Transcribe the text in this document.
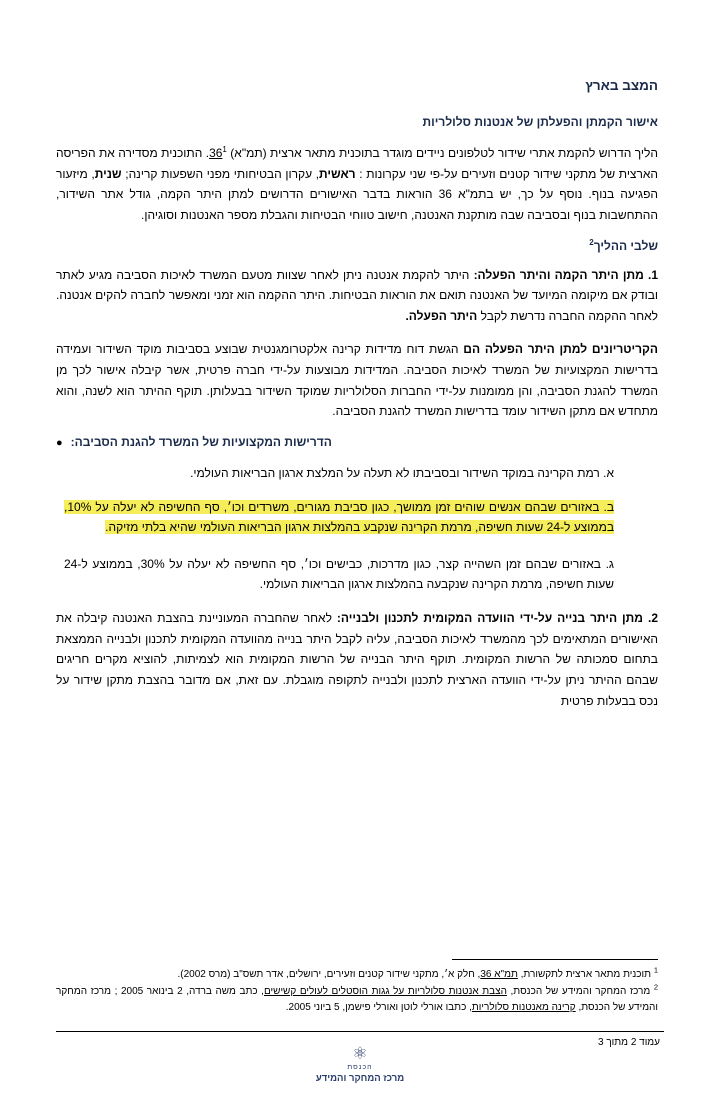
המצב בארץ
אישור הקמתן והפעלתן של אנטנות סלולריות

הליך הדרוש להקמת אתרי שידור לטלפונים ניידים מוגדר בתוכנית מתאר ארצית (תמ"א) $36^1$. התוכנית מסדירה את הפריסה הארצית של מתקני שידור קטנים וזעירים על-פי שני עקרונות : ראשית, עקרון הבטיחותי מפני השפעות קרינה; שנית, מיזעור הפגיעה בנוף. נוסף על כך, יש בתמ"א 36 הוראות בדבר האישורים הדרושים למתן היתר הקמה, גודל אתר השידור, ההתחשבות בנוף ובסביבה שבה מותקנת האנטנה, חישוב טווחי הבטיחות והגבלת מספר האנטנות וסוגיהן.

שלבי ההליך$^2$

1. מתן היתר הקמה והיתר הפעלה: היתר להקמת אנטנה ניתן לאחר שצוות מטעם המשרד לאיכות הסביבה מגיע לאתר ובודק אם מיקומה המיועד של האנטנה תואם את הוראות הבטיחות. היתר ההקמה הוא זמני ומאפשר לחברה להקים אנטנה. לאחר ההקמה החברה נדרשת לקבל היתר הפעלה.

הקריטריונים למתן היתר הפעלה הם הגשת דוח מדידות קרינה אלקטרומגנטית שבוצע בסביבות מוקד השידור ועמידה בדרישות המקצועיות של המשרד לאיכות הסביבה. המדידות מבוצעות על-ידי חברה פרטית, אשר קיבלה אישור לכך מן המשרד להגנת הסביבה, והן ממומנות על-ידי החברות הסלולריות שמוקד השידור בבעלותן. תוקף ההיתר הוא לשנה, והוא מתחדש אם מתקן השידור עומד בדרישות המשרד להגנת הסביבה.

● הדרישות המקצועיות של המשרד להגנת הסביבה:

א. רמת הקרינה במוקד השידור ובסביבתו לא תעלה על המלצת ארגון הבריאות העולמי.

ב. באזורים שבהם אנשים שוהים זמן ממושך, כגון סביבת מגורים, משרדים וכו׳, סף החשיפה לא יעלה על 10%, בממוצע ל-24 שעות חשיפה, מרמת הקרינה שנקבע בהמלצות ארגון הבריאות העולמי שהיא בלתי מזיקה.

ג. באזורים שבהם זמן השהייה קצר, כגון מדרכות, כבישים וכו׳, סף החשיפה לא יעלה על 30%, בממוצע ל-24 שעות חשיפה, מרמת הקרינה שנקבעה בהמלצות ארגון הבריאות העולמי.

2. מתן היתר בנייה על-ידי הוועדה המקומית לתכנון ולבנייה: לאחר שהחברה המעוניינת בהצבת האנטנה קיבלה את האישורים המתאימים לכך מהמשרד לאיכות הסביבה, עליה לקבל היתר בנייה מהוועדה המקומית לתכנון ולבנייה הממצאת בתחום סמכותה של הרשות המקומית. תוקף היתר הבנייה של הרשות המקומית הוא לצמיתות, להוציא מקרים חריגים שבהם ההיתר ניתן על-ידי הוועדה הארצית לתכנון ולבנייה לתקופה מוגבלת. עם זאת, אם מדובר בהצבת מתקן שידור על נכס בבעלות פרטית

$^1$ תוכנית מתאר ארצית לתקשורת, תמ"א 36, חלק א׳, מתקני שידור קטנים וזעירים, ירושלים, אדר תשס"ב (מרס 2002).

$^2$ מרכז המחקר והמידע של הכנסת, הצבת אנטנות סלולריות על גגות הוסטלים לעולים קשישים, כתב משה ברדה, 2 בינואר 2005 ; מרכז המחקר והמידע של הכנסת, קרינה מאנטנות סלולריות, כתבו אורלי לוטן ואורלי פישמן, 5 ביוני 2005.

עמוד 2 מתוך 3
⚛
הכנסת
מרכז המחקר והמידע
